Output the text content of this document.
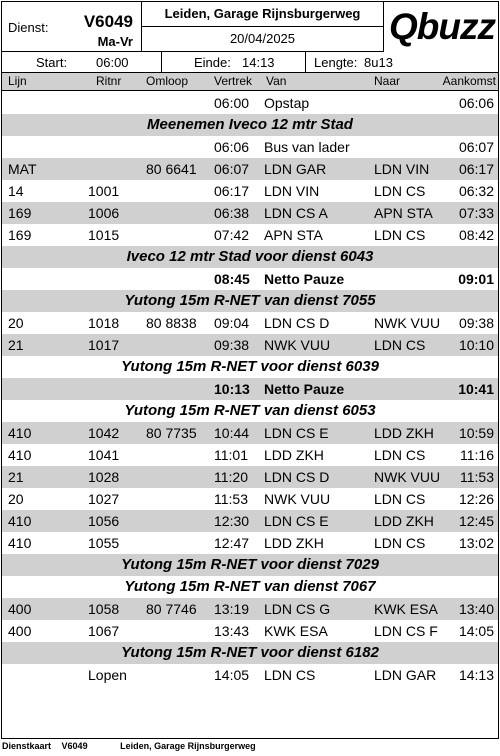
Dienst: V6049
Ma-Vr
Leiden, Garage Rijnsburgerweg
20/04/2025	Qbuzz
Start: 06:00	Einde: 14:13	Lengte: 8u13
Lijn	Ritnr Omloop Vertrek Van	Naar	Aankomst
06:00 Opstap	06:06
Meenemen Iveco 12 mtr Stad
06:06 Bus van lader	06:07
MAT	80 6641 06:07 LDN GAR	LDN VIN 06:17
14	1001	06:17 LDN VIN	LDN CS 06:32
169	1006	06:38 LDN CS A	APN STA 07:33
169	1015	07:42 APN STA	LDN CS 08:42
Iveco 12 mtr Stad voor dienst 6043
08:45 Netto Pauze	09:01
Yutong 15m R-NET van dienst 7055
20	1018 80 8838 09:04 LDN CS D	NWK VUU 09:38
21	1017	09:38 NWK VUU	LDN CS 10:10
Yutong 15m R-NET voor dienst 6039
10:13 Netto Pauze	10:41
Yutong 15m R-NET van dienst 6053
410	1042 80 7735 10:44 LDN CS E	LDD ZKH 10:59
410	1041	11:01 LDD ZKH	LDN CS 11:16
21	1028	11:20 LDN CS D	NWK VUU 11:53
20	1027	11:53 NWK VUU	LDN CS 12:26
410	1056	12:30 LDN CS E	LDD ZKH 12:45
410	1055	12:47 LDD ZKH	LDN CS 13:02
Yutong 15m R-NET voor dienst 7029
Yutong 15m R-NET van dienst 7067
400	1058 80 7746 13:19 LDN CS G	KWK ESA 13:40
400	1067	13:43 KWK ESA	LDN CS F 14:05
Yutong 15m R-NET voor dienst 6182
Lopen	14:05 LDN CS	LDN GAR 14:13
Dienstkaart V6049	Leiden, Garage Rijnsburgerweg
